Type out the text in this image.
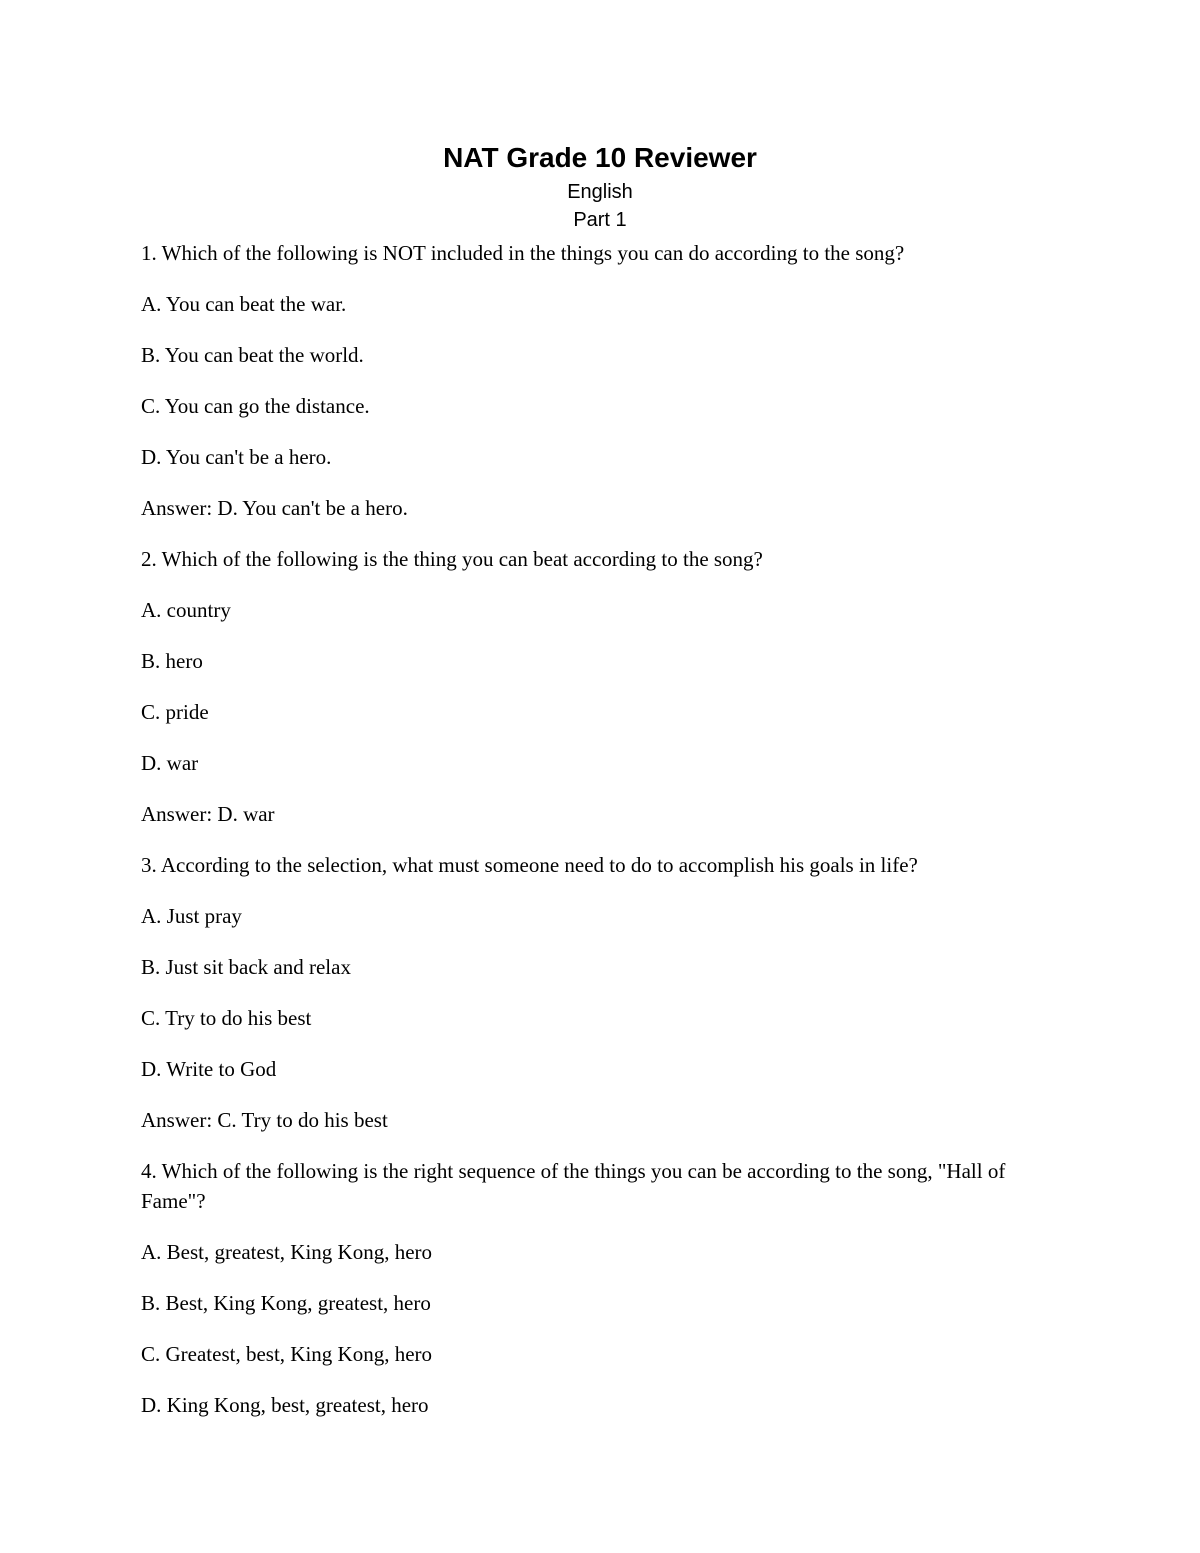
NAT Grade 10 Reviewer
English
Part 1

1. Which of the following is NOT included in the things you can do according to the song?

A. You can beat the war.

B. You can beat the world.

C. You can go the distance.

D. You can't be a hero.

Answer: D. You can't be a hero.

2. Which of the following is the thing you can beat according to the song?

A. country

B. hero

C. pride

D. war

Answer: D. war

3. According to the selection, what must someone need to do to accomplish his goals in life?

A. Just pray

B. Just sit back and relax

C. Try to do his best

D. Write to God

Answer: C. Try to do his best

4. Which of the following is the right sequence of the things you can be according to the song, "Hall of Fame"?

A. Best, greatest, King Kong, hero

B. Best, King Kong, greatest, hero

C. Greatest, best, King Kong, hero

D. King Kong, best, greatest, hero
